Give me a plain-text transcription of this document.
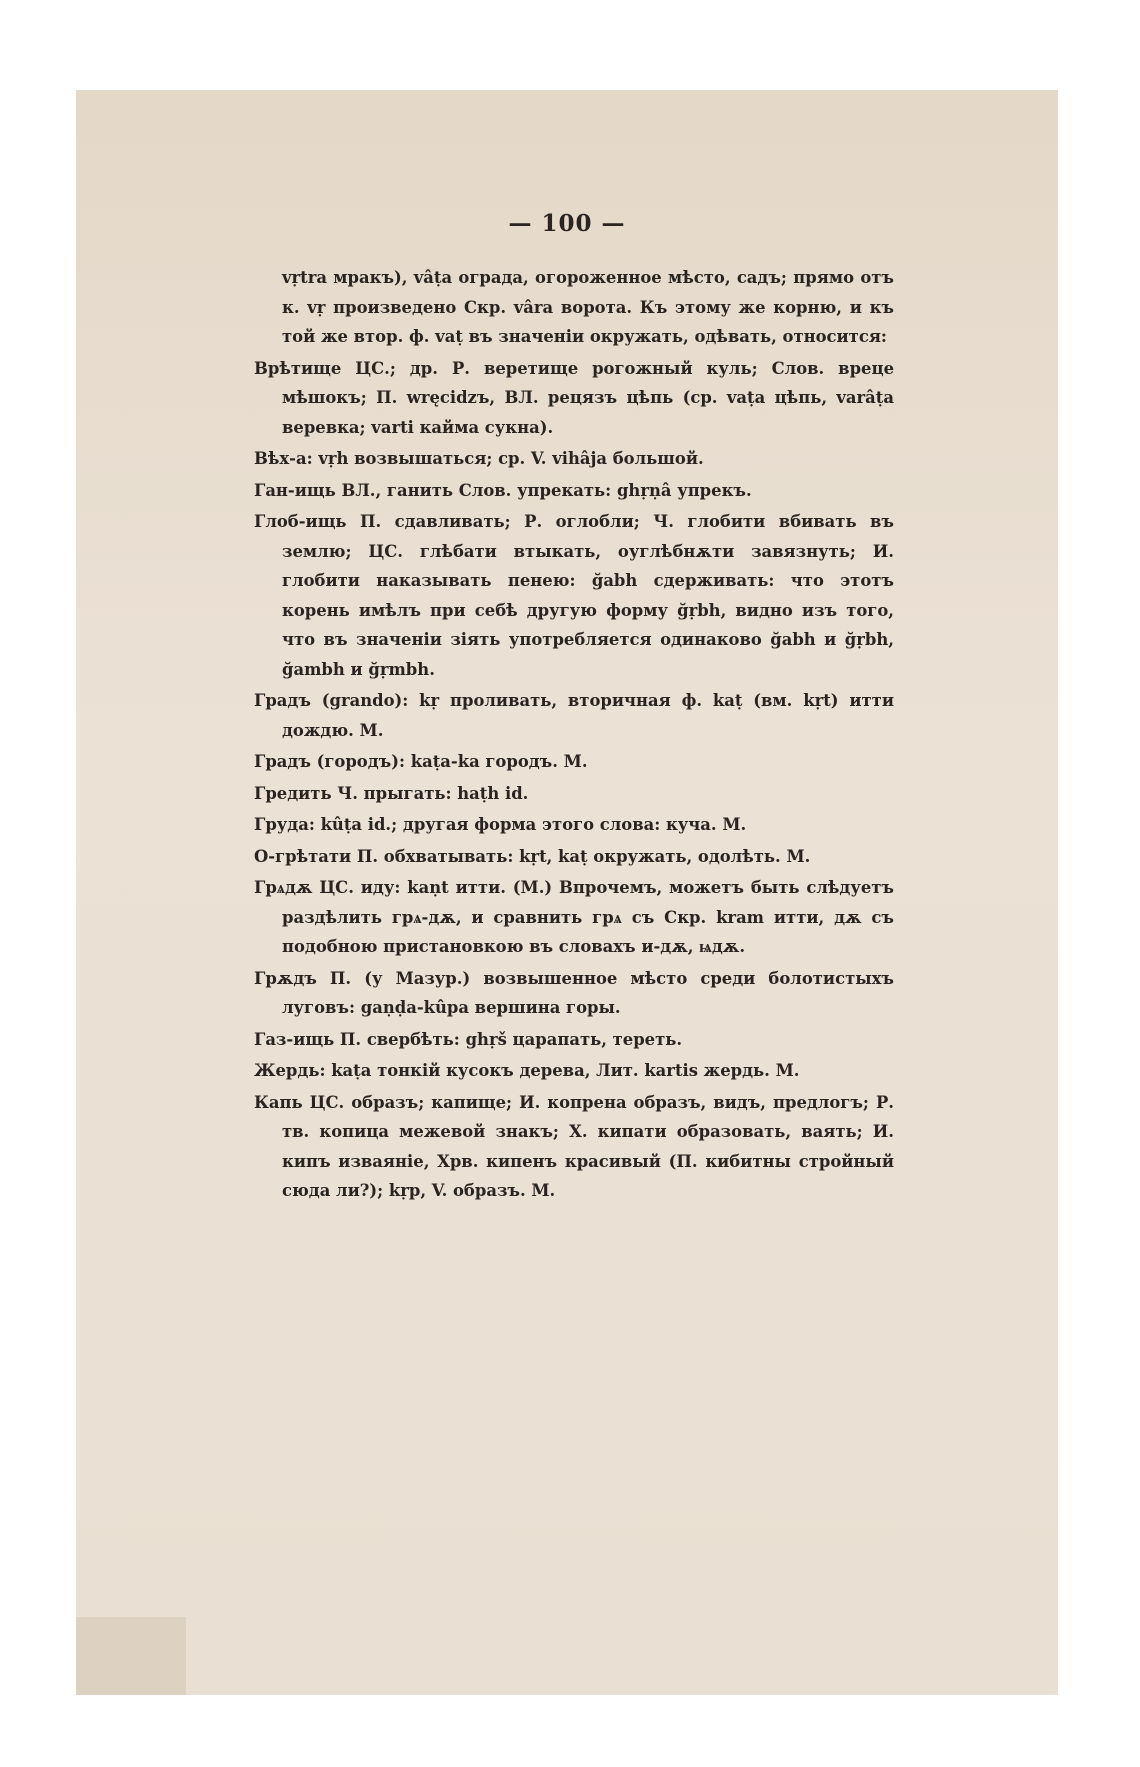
— 100 —

vṛtra мракъ), vâṭa ограда, огороженное мѣсто, садъ; прямо отъ к. vṛ произведено Скр. vâra ворота. Къ этому же корню, и къ той же втор. ф. vaṭ въ значеніи окружать, одѣвать, относится:

Врѣтище ЦС.; др. Р. веретище рогожный куль; Слов. вреце мѣшокъ; П. wręcidzъ, ВЛ. рецязъ цѣпь (ср. vaṭa цѣпь, varâṭa веревка; varti кайма сукна).

Вѣх-а: vṛh возвышаться; ср. V. vihâja большой.

Ган-ищь ВЛ., ганить Слов. упрекать: ghṛṇâ упрекъ.

Глоб-ищь П. сдавливать; Р. оглобли; Ч. глобити вбивать въ землю; ЦС. глѣбати втыкать, оуглѣбнѫти завязнуть; И. глобити наказывать пенею: ğabh сдерживать: что этотъ корень имѣлъ при себѣ другую форму ğṛbh, видно изъ того, что въ значеніи зіять употребляется одинаково ğabh и ğṛbh, ğambh и ğṛmbh.

Градъ (grando): kṛ проливать, вторичная ф. kaṭ (вм. kṛt) итти дождю. М.

Градъ (городъ): kaṭa-ka городъ. М.

Гредить Ч. прыгать: haṭh id.

Груда: kûṭa id.; другая форма этого слова: куча. М.

О-грѣтати П. обхватывать: kṛt, kaṭ окружать, одолѣть. М.

Грѧдѫ ЦС. иду: kaṇt итти. (М.) Впрочемъ, можетъ быть слѣдуетъ раздѣлить грѧ-дѫ, и сравнить грѧ съ Скр. kram итти, дѫ съ подобною пристановкою въ словахъ и-дѫ, ѩдѫ.

Грѫдъ П. (у Мазур.) возвышенное мѣсто среди болотистыхъ луговъ: gaṇḍa-kûpa вершина горы.

Газ-ищь П. свербѣть: ghṛš царапать, тереть.

Жердь: kaṭa тонкій кусокъ дерева, Лит. kartis жердь. М.

Капь ЦС. образъ; капище; И. копрена образъ, видъ, предлогъ; Р. тв. копица межевой знакъ; Х. кипати образовать, ваять; И. кипъ изваяніе, Хрв. кипенъ красивый (П. кибитны стройный сюда ли?); kṛp, V. образъ. М.
